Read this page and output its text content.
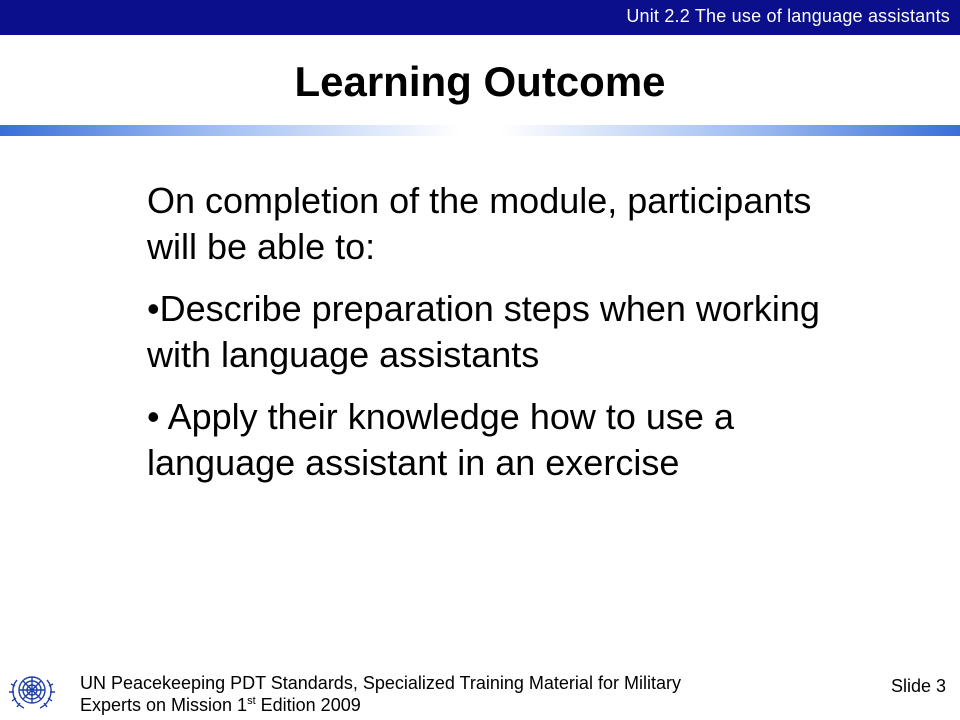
Unit 2.2 The use of language assistants
Learning Outcome

On completion of the module, participants will be able to:

•Describe preparation steps when working with language assistants

• Apply their knowledge how to use a language assistant in an exercise

UN Peacekeeping PDT Standards, Specialized Training Material for Military
Experts on Mission 1st Edition 2009
Slide 3
